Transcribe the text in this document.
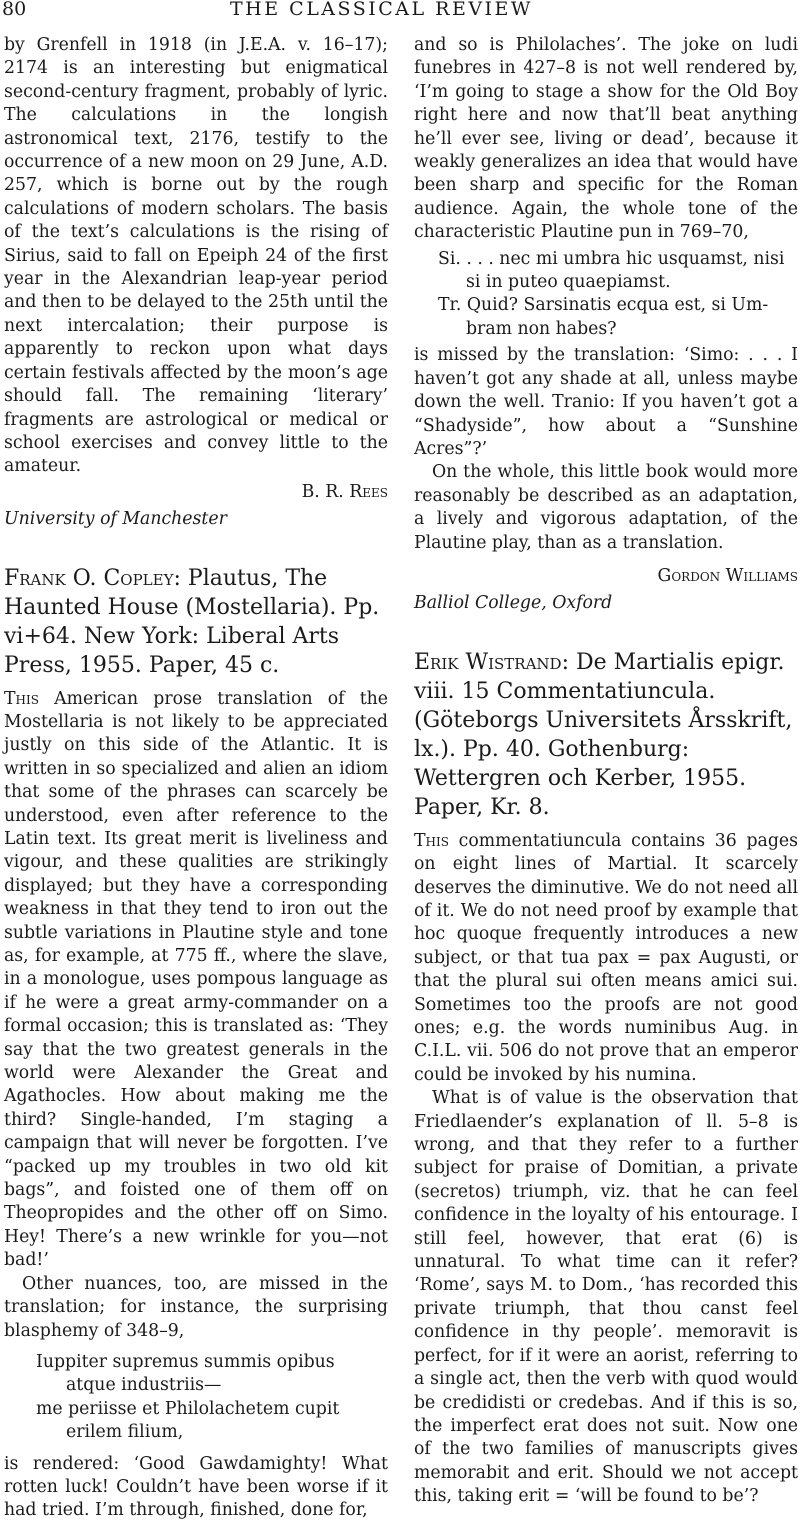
80	THE CLASSICAL REVIEW

by Grenfell in 1918 (in J.E.A. v. 16–17); 2174 is an interesting but enigmatical second-century fragment, probably of lyric. The calculations in the longish astronomical text, 2176, testify to the occurrence of a new moon on 29 June, A.D. 257, which is borne out by the rough calculations of modern scholars. The basis of the text’s calculations is the rising of Sirius, said to fall on Epeiph 24 of the first year in the Alexandrian leap-year period and then to be delayed to the 25th until the next intercalation; their purpose is apparently to reckon upon what days certain festivals affected by the moon’s age should fall. The remaining ‘literary’ fragments are astrological or medical or school exercises and convey little to the amateur.

B. R. Rees

University of Manchester

Frank O. Copley: Plautus, The Haunted House (Mostellaria). Pp. vi+64. New York: Liberal Arts Press, 1955. Paper, 45 c.

This American prose translation of the Mostellaria is not likely to be appreciated justly on this side of the Atlantic. It is written in so specialized and alien an idiom that some of the phrases can scarcely be understood, even after reference to the Latin text. Its great merit is liveliness and vigour, and these qualities are strikingly displayed; but they have a corresponding weakness in that they tend to iron out the subtle variations in Plautine style and tone as, for example, at 775 ff., where the slave, in a monologue, uses pompous language as if he were a great army-commander on a formal occasion; this is translated as: ‘They say that the two greatest generals in the world were Alexander the Great and Agathocles. How about making me the third? Single-handed, I’m staging a campaign that will never be forgotten. I’ve “packed up my troubles in two old kit bags”, and foisted one of them off on Theopropides and the other off on Simo. Hey! There’s a new wrinkle for you—not bad!’

Other nuances, too, are missed in the translation; for instance, the surprising blasphemy of 348–9,

Iuppiter supremus summis opibus
atque industriis—
me periisse et Philolachetem cupit
erilem filium,

is rendered: ‘Good Gawdamighty! What rotten luck! Couldn’t have been worse if it had tried. I’m through, finished, done for,

and so is Philolaches’. The joke on ludi funebres in 427–8 is not well rendered by, ‘I’m going to stage a show for the Old Boy right here and now that’ll beat anything he’ll ever see, living or dead’, because it weakly generalizes an idea that would have been sharp and specific for the Roman audience. Again, the whole tone of the characteristic Plautine pun in 769–70,

Si. . . . nec mi umbra hic usquamst, nisi
si in puteo quaepiamst.
Tr. Quid? Sarsinatis ecqua est, si Um-
bram non habes?

is missed by the translation: ‘Simo: . . . I haven’t got any shade at all, unless maybe down the well. Tranio: If you haven’t got a “Shadyside”, how about a “Sunshine Acres”?’

On the whole, this little book would more reasonably be described as an adaptation, a lively and vigorous adaptation, of the Plautine play, than as a translation.

Gordon Williams

Balliol College, Oxford

Erik Wistrand: De Martialis epigr. viii. 15 Commentatiuncula. (Göteborgs Universitets Årsskrift, lx.). Pp. 40. Gothenburg: Wettergren och Kerber, 1955. Paper, Kr. 8.

This commentatiuncula contains 36 pages on eight lines of Martial. It scarcely deserves the diminutive. We do not need all of it. We do not need proof by example that hoc quoque frequently introduces a new subject, or that tua pax = pax Augusti, or that the plural sui often means amici sui. Sometimes too the proofs are not good ones; e.g. the words numinibus Aug. in C.I.L. vii. 506 do not prove that an emperor could be invoked by his numina.

What is of value is the observation that Friedlaender’s explanation of ll. 5–8 is wrong, and that they refer to a further subject for praise of Domitian, a private (secretos) triumph, viz. that he can feel confidence in the loyalty of his entourage. I still feel, however, that erat (6) is unnatural. To what time can it refer? ‘Rome’, says M. to Dom., ‘has recorded this private triumph, that thou canst feel confidence in thy people’. memoravit is perfect, for if it were an aorist, referring to a single act, then the verb with quod would be credidisti or credebas. And if this is so, the imperfect erat does not suit. Now one of the two families of manuscripts gives memorabit and erit. Should we not accept this, taking erit = ‘will be found to be’?
